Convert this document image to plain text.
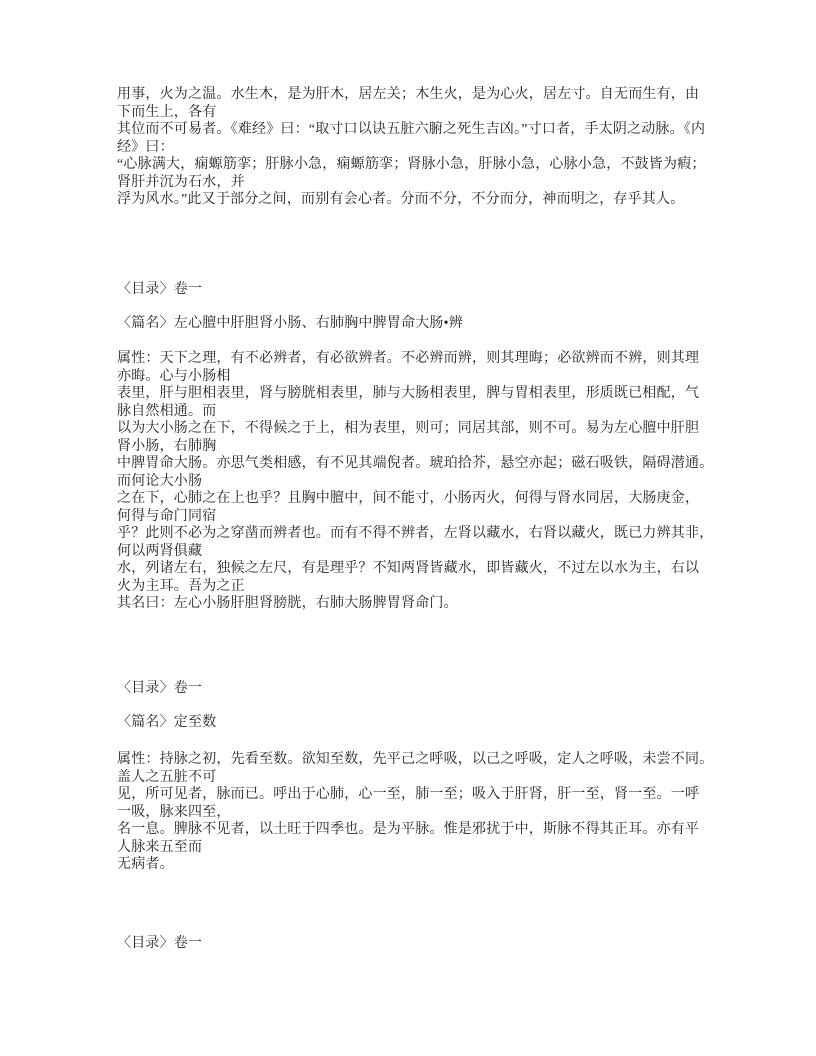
用事，火为之温。水生木，是为肝木，居左关；木生火，是为心火，居左寸。自无而生有，由
下而生上，各有
其位而不可易者。《难经》曰：“取寸口以诀五脏六腑之死生吉凶。”寸口者，手太阴之动脉。《内
经》曰：
“心脉满大，痫螈筋挛；肝脉小急，痫螈筋挛；肾脉小急，肝脉小急，心脉小急，不鼓皆为瘕；
肾肝并沉为石水，并
浮为风水。”此又于部分之间，而别有会心者。分而不分，不分而分，神而明之，存乎其人。
〈目录〉卷一
〈篇名〉左心膻中肝胆肾小肠、右肺胸中脾胃命大肠•辨
属性：天下之理，有不必辨者，有必欲辨者。不必辨而辨，则其理晦；必欲辨而不辨，则其理
亦晦。心与小肠相
表里，肝与胆相表里，肾与膀胱相表里，肺与大肠相表里，脾与胃相表里，形质既已相配，气
脉自然相通。而
以为大小肠之在下，不得候之于上，相为表里，则可；同居其部，则不可。易为左心膻中肝胆
肾小肠，右肺胸
中脾胃命大肠。亦思气类相感，有不见其端倪者。琥珀拾芥，悬空亦起；磁石吸铁，隔碍潜通。
而何论大小肠
之在下，心肺之在上也乎？且胸中膻中，间不能寸，小肠丙火，何得与肾水同居，大肠庚金，
何得与命门同宿
乎？此则不必为之穿凿而辨者也。而有不得不辨者，左肾以藏水，右肾以藏火，既已力辨其非，
何以两肾俱藏
水，列诸左右，独候之左尺，有是理乎？不知两肾皆藏水，即皆藏火，不过左以水为主，右以
火为主耳。吾为之正
其名曰：左心小肠肝胆肾膀胱，右肺大肠脾胃肾命门。
〈目录〉卷一
〈篇名〉定至数
属性：持脉之初，先看至数。欲知至数，先平己之呼吸，以己之呼吸，定人之呼吸，未尝不同。
盖人之五脏不可
见，所可见者，脉而已。呼出于心肺，心一至，肺一至；吸入于肝肾，肝一至，肾一至。一呼
一吸，脉来四至，
名一息。脾脉不见者，以土旺于四季也。是为平脉。惟是邪扰于中，斯脉不得其正耳。亦有平
人脉来五至而
无病者。
〈目录〉卷一
